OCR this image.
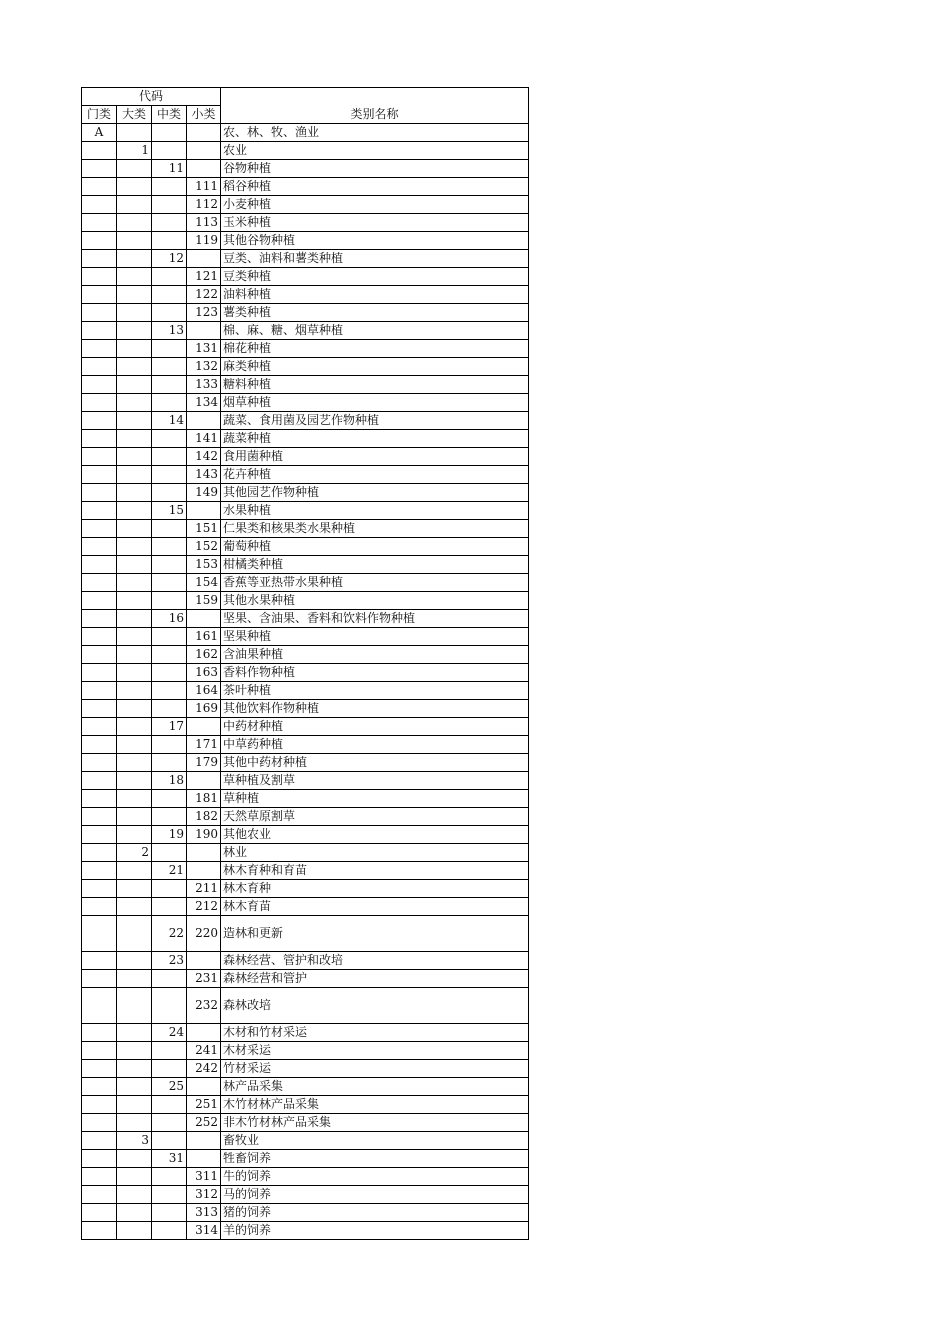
代码				类别名称
门类	大类	中类	小类	
A				农、林、牧、渔业
	1			农业
		11		谷物种植
			111	稻谷种植
			112	小麦种植
			113	玉米种植
			119	其他谷物种植
		12		豆类、油料和薯类种植
			121	豆类种植
			122	油料种植
			123	薯类种植
		13		棉、麻、糖、烟草种植
			131	棉花种植
			132	麻类种植
			133	糖料种植
			134	烟草种植
		14		蔬菜、食用菌及园艺作物种植
			141	蔬菜种植
			142	食用菌种植
			143	花卉种植
			149	其他园艺作物种植
		15		水果种植
			151	仁果类和核果类水果种植
			152	葡萄种植
			153	柑橘类种植
			154	香蕉等亚热带水果种植
			159	其他水果种植
		16		坚果、含油果、香料和饮料作物种植
			161	坚果种植
			162	含油果种植
			163	香料作物种植
			164	茶叶种植
			169	其他饮料作物种植
		17		中药材种植
			171	中草药种植
			179	其他中药材种植
		18		草种植及割草
			181	草种植
			182	天然草原割草
		19	190	其他农业
	2			林业
		21		林木育种和育苗
			211	林木育种
			212	林木育苗
		22	220	造林和更新
		23		森林经营、管护和改培
			231	森林经营和管护
			232	森林改培
		24		木材和竹材采运
			241	木材采运
			242	竹材采运
		25		林产品采集
			251	木竹材林产品采集
			252	非木竹材林产品采集
	3			畜牧业
		31		牲畜饲养
			311	牛的饲养
			312	马的饲养
			313	猪的饲养
			314	羊的饲养
